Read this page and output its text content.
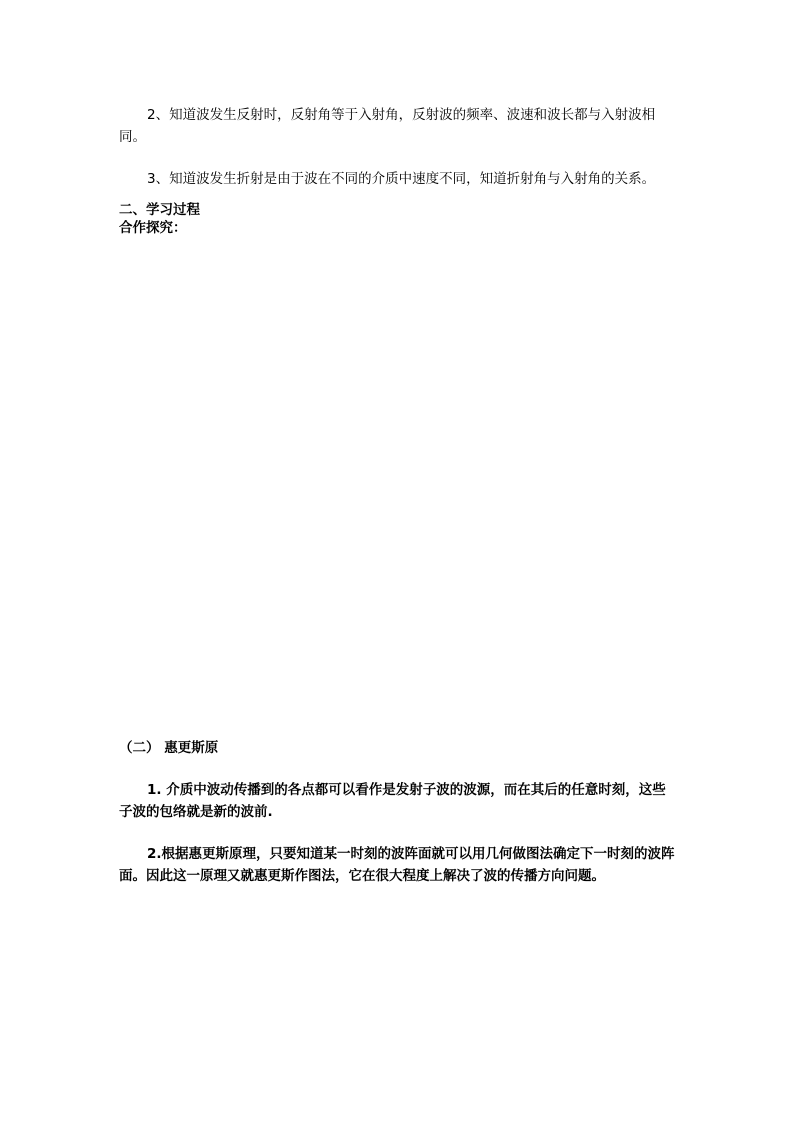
2、知道波发生反射时，反射角等于入射角，反射波的频率、波速和波长都与入射波相同。

3、知道波发生折射是由于波在不同的介质中速度不同，知道折射角与入射角的关系。

二、学习过程

合作探究：

（二） 惠更斯原

1. 介质中波动传播到的各点都可以看作是发射子波的波源，而在其后的任意时刻，这些子波的包络就是新的波前.

2.根据惠更斯原理，只要知道某一时刻的波阵面就可以用几何做图法确定下一时刻的波阵面。因此这一原理又就惠更斯作图法，它在很大程度上解决了波的传播方向问题。
